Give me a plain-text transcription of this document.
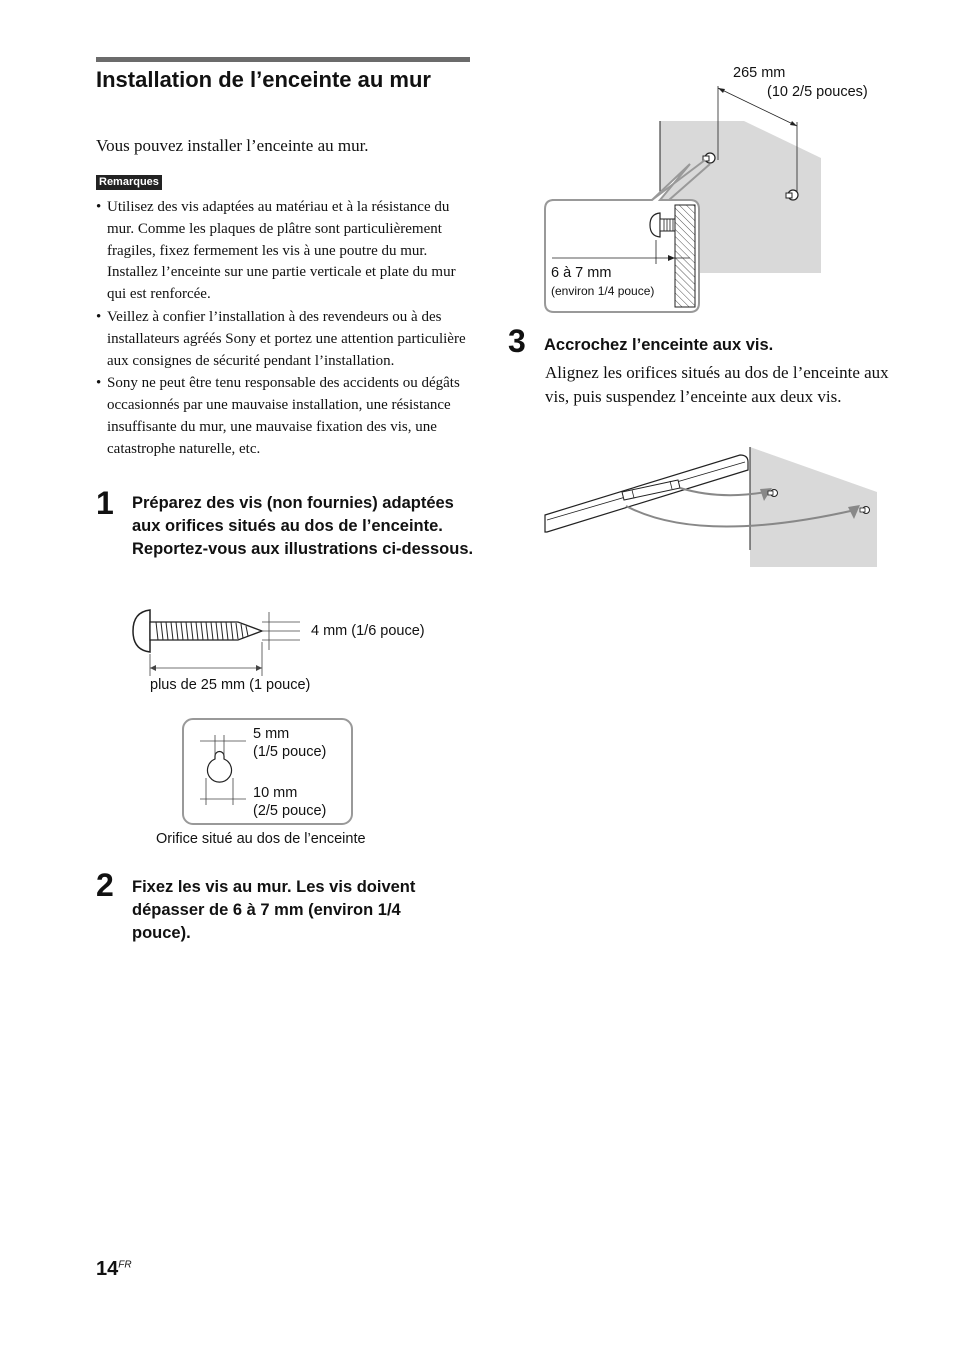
Installation de l’enceinte au mur
Vous pouvez installer l’enceinte au mur.
Remarques
• Utilisez des vis adaptées au matériau et à la résistance du mur. Comme les plaques de plâtre sont particulièrement fragiles, fixez fermement les vis à une poutre du mur. Installez l’enceinte sur une partie verticale et plate du mur qui est renforcée.
• Veillez à confier l’installation à des revendeurs ou à des installateurs agréés Sony et portez une attention particulière aux consignes de sécurité pendant l’installation.
• Sony ne peut être tenu responsable des accidents ou dégâts occasionnés par une mauvaise installation, une résistance insuffisante du mur, une mauvaise fixation des vis, une catastrophe naturelle, etc.
1 Préparez des vis (non fournies) adaptées aux orifices situés au dos de l’enceinte. Reportez-vous aux illustrations ci-dessous.
4 mm (1/6 pouce)
plus de 25 mm (1 pouce)
5 mm
(1/5 pouce)
10 mm
(2/5 pouce)
Orifice situé au dos de l’enceinte
2 Fixez les vis au mur. Les vis doivent dépasser de 6 à 7 mm (environ 1/4 pouce).
265 mm
(10 2/5 pouces)
6 à 7 mm
(environ 1/4 pouce)
3 Accrochez l’enceinte aux vis.
Alignez les orifices situés au dos de l’enceinte aux vis, puis suspendez l’enceinte aux deux vis.
$14^{FR}$
